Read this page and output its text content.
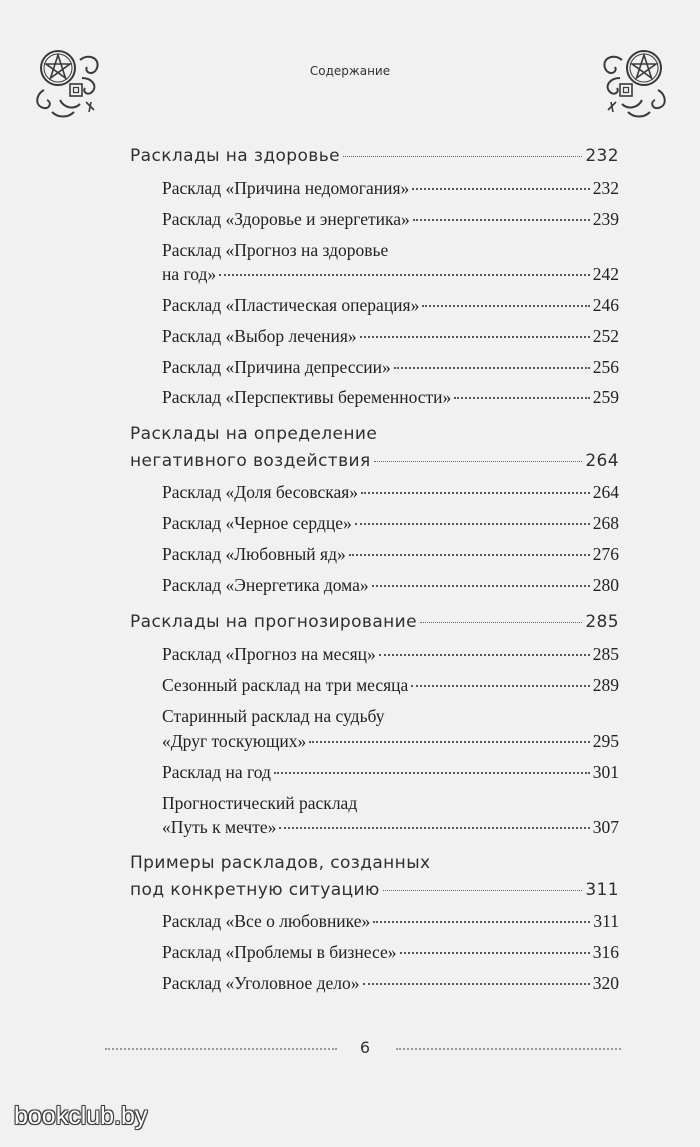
Содержание
Расклады на здоровье	232
Расклад «Причина недомогания»	232
Расклад «Здоровье и энергетика»	239
Расклад «Прогноз на здоровье
на год»	242
Расклад «Пластическая операция»	246
Расклад «Выбор лечения»	252
Расклад «Причина депрессии»	256
Расклад «Перспективы беременности»	259
Расклады на определение
негативного воздействия	264
Расклад «Доля бесовская»	264
Расклад «Черное сердце»	268
Расклад «Любовный яд»	276
Расклад «Энергетика дома»	280
Расклады на прогнозирование	285
Расклад «Прогноз на месяц»	285
Сезонный расклад на три месяца	289
Старинный расклад на судьбу
«Друг тоскующих»	295
Расклад на год	301
Прогностический расклад
«Путь к мечте»	307
Примеры раскладов, созданных
под конкретную ситуацию	311
Расклад «Все о любовнике»	311
Расклад «Проблемы в бизнесе»	316
Расклад «Уголовное дело»	320
6
bookclub.by
